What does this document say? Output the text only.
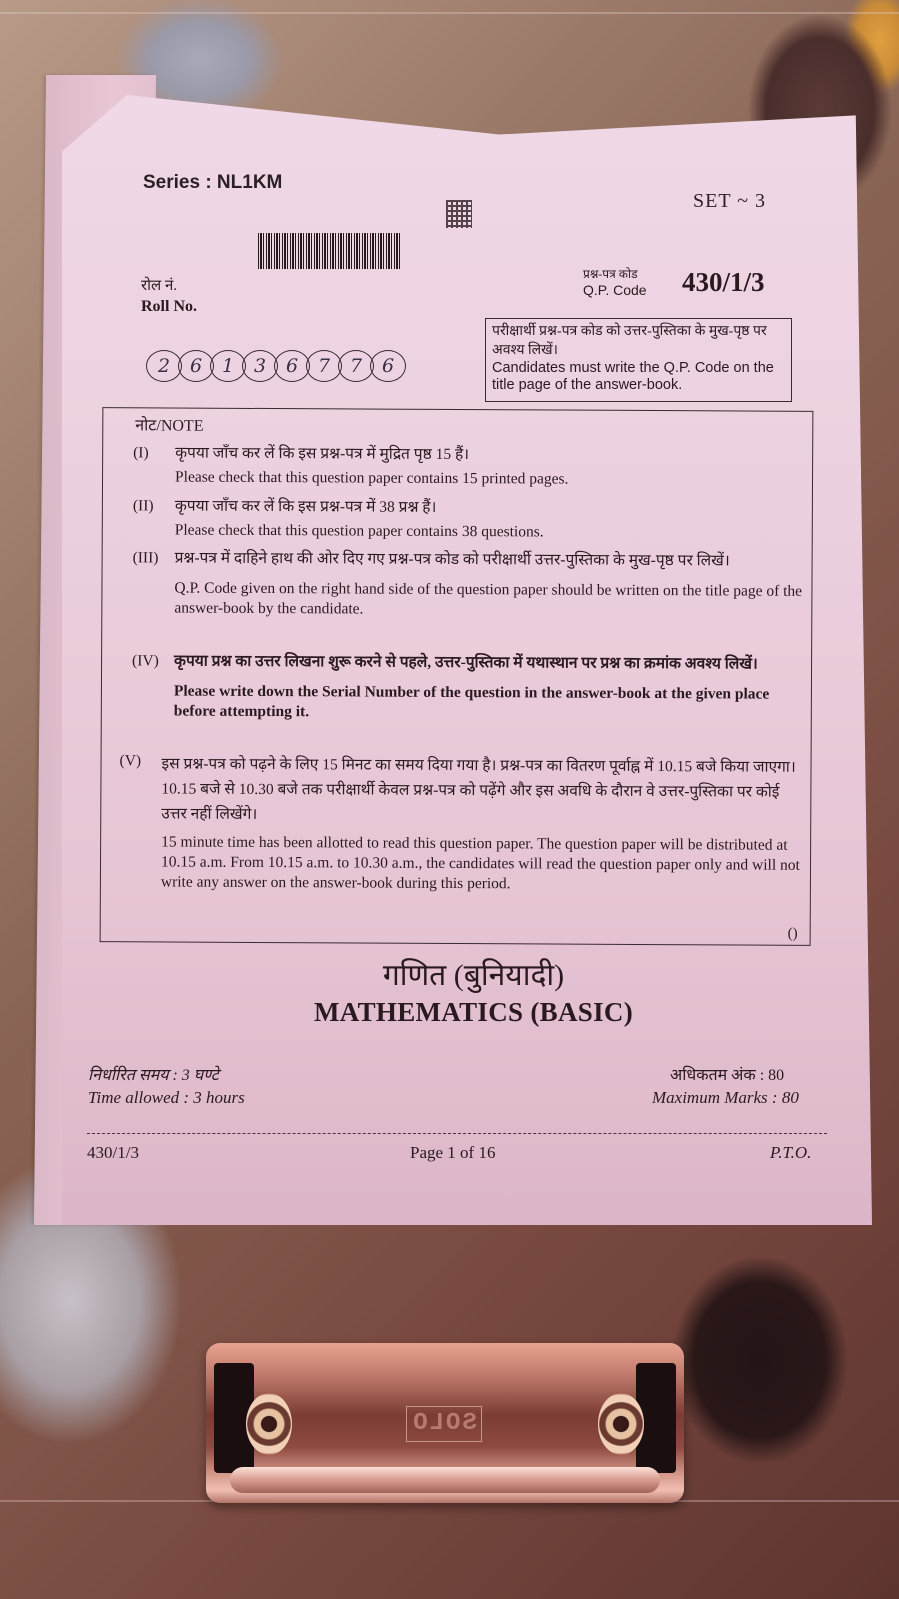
Series : NL1KM
SET ~ 3
रोल नं.
Roll No.
2	6	1	3	6	7	7	6
प्रश्न-पत्र कोड
Q.P. Code 430/1/3
परीक्षार्थी प्रश्न-पत्र कोड को उत्तर-पुस्तिका के मुख-पृष्ठ पर अवश्य लिखें।
Candidates must write the Q.P. Code on the title page of the answer-book.
नोट/NOTE
(I)	कृपया जाँच कर लें कि इस प्रश्न-पत्र में मुद्रित पृष्ठ 15 हैं।
Please check that this question paper contains 15 printed pages.
(II)	कृपया जाँच कर लें कि इस प्रश्न-पत्र में 38 प्रश्न हैं।
Please check that this question paper contains 38 questions.
(III)	प्रश्न-पत्र में दाहिने हाथ की ओर दिए गए प्रश्न-पत्र कोड को परीक्षार्थी उत्तर-पुस्तिका के मुख-पृष्ठ पर लिखें।
Q.P. Code given on the right hand side of the question paper should be written on the title page of the answer-book by the candidate.
(IV) कृपया प्रश्न का उत्तर लिखना शुरू करने से पहले, उत्तर-पुस्तिका में यथास्थान पर प्रश्न का क्रमांक अवश्य लिखें।
Please write down the Serial Number of the question in the answer-book at the given place before attempting it.
(V)	इस प्रश्न-पत्र को पढ़ने के लिए 15 मिनट का समय दिया गया है। प्रश्न-पत्र का वितरण पूर्वाह्न में 10.15 बजे किया जाएगा। 10.15 बजे से 10.30 बजे तक परीक्षार्थी केवल प्रश्न-पत्र को पढ़ेंगे और इस अवधि के दौरान वे उत्तर-पुस्तिका पर कोई उत्तर नहीं लिखेंगे।
15 minute time has been allotted to read this question paper. The question paper will be distributed at 10.15 a.m. From 10.15 a.m. to 10.30 a.m., the candidates will read the question paper only and will not write any answer on the answer-book during this period.
()
गणित (बुनियादी)
MATHEMATICS (BASIC)
निर्धारित समय : 3 घण्टे
Time allowed : 3 hours
अधिकतम अंक : 80
Maximum Marks : 80
430/1/3	Page 1 of 16	P.T.O.
SOLO
